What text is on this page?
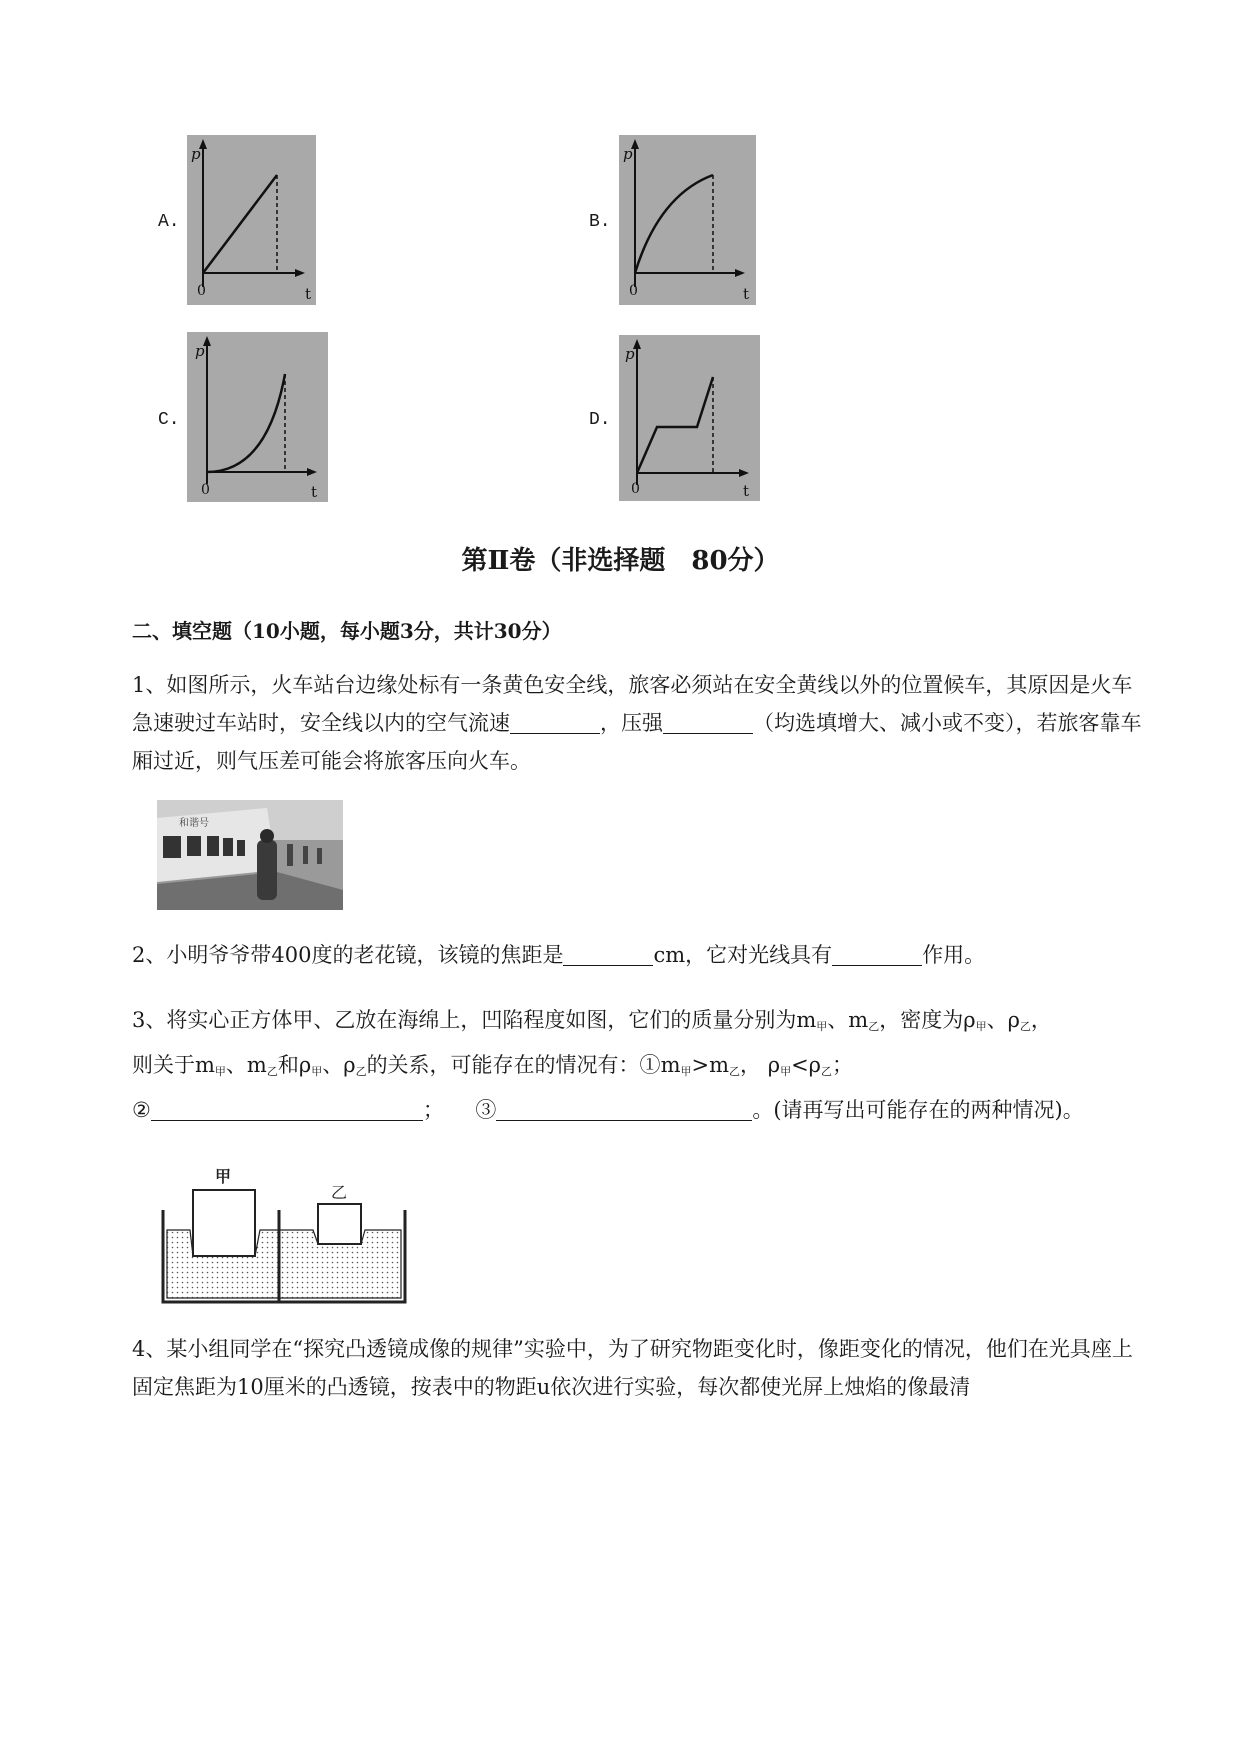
A.
p
0	t
B.
p
0	t
C.
p
0	t
D.
p
0	t
第Ⅱ卷（非选择题　80分）
二、填空题（10小题，每小题3分，共计30分）

1、如图所示，火车站台边缘处标有一条黄色安全线，旅客必须站在安全黄线以外的位置候车，其原因是火车急速驶过车站时，安全线以内的空气流速	，压强	（均选填增大、减小或不变），若旅客靠车厢过近，则气压差可能会将旅客压向火车。

和谐号

2、小明爷爷带400度的老花镜，该镜的焦距是	cm，它对光线具有	作用。

3、将实心正方体甲、乙放在海绵上，凹陷程度如图，它们的质量分别为$m_甲$、$m_乙$，密度为$\rho_甲$、$\rho_乙$，

则关于$m_甲$、$m_乙$和$\rho_甲$、$\rho_乙$的关系，可能存在的情况有：$①m_甲>m_乙$， $\rho_甲<\rho_乙$；

②	；　　③	。(请再写出可能存在的两种情况)。

甲
乙

4、某小组同学在“探究凸透镜成像的规律”实验中，为了研究物距变化时，像距变化的情况，他们在光具座上固定焦距为10厘米的凸透镜，按表中的物距u依次进行实验，每次都使光屏上烛焰的像最清
